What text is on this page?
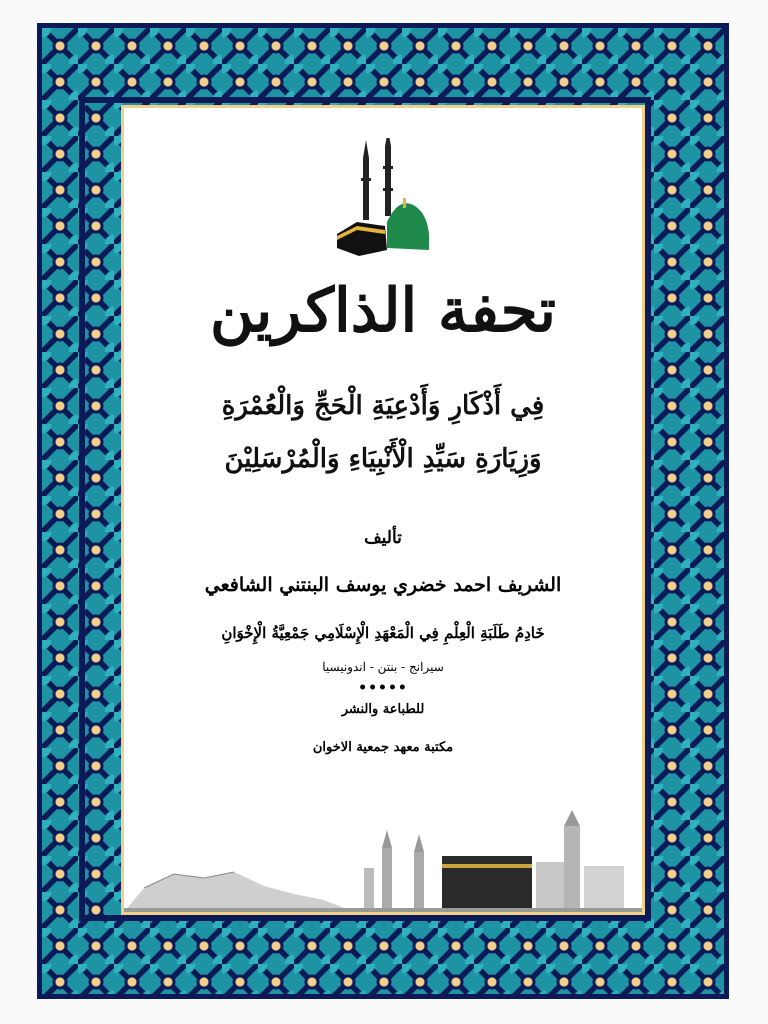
تحفة الذاكرين
فِي أَذْكَارِ وَأَدْعِيَةِ الْحَجِّ وَالْعُمْرَةِ
وَزِيَارَةِ سَيِّدِ الْأَنْبِيَاءِ وَالْمُرْسَلِيْنَ
تأليف
الشريف احمد خضري يوسف البنتني الشافعي
خَادِمُ طَلَبَةِ الْعِلْمِ فِي الْمَعْهَدِ الْإِسْلَامِي جَمْعِيَّةُ الْإِخْوَانِ
سيرانج - بنتن - اندونيسيا
•••••
للطباعة والنشر
مكتبة معهد جمعية الاخوان
